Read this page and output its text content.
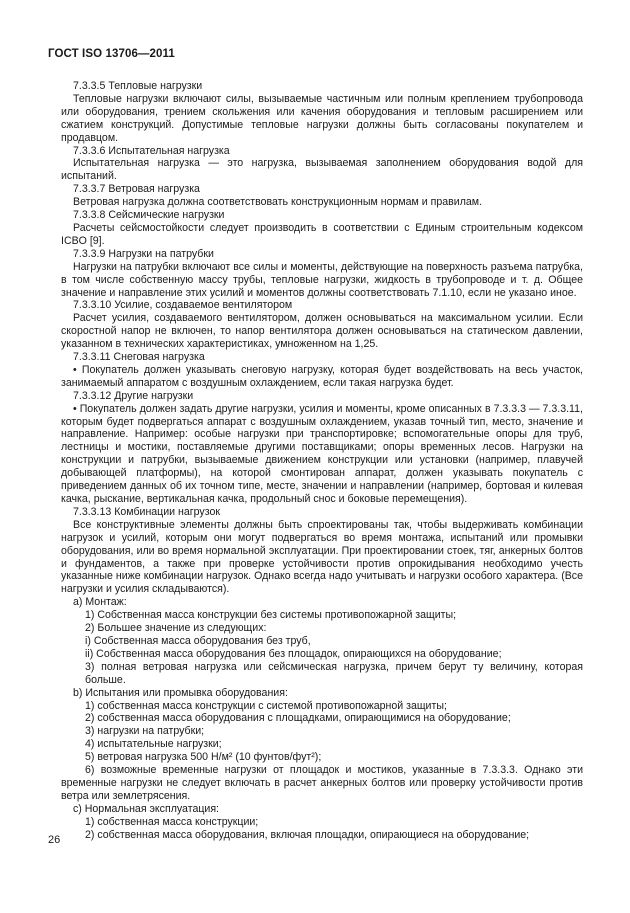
ГОСТ ISO 13706—2011

7.3.3.5 Тепловые нагрузки

Тепловые нагрузки включают силы, вызываемые частичным или полным креплением трубопровода или оборудования, трением скольжения или качения оборудования и тепловым расширением или сжатием конструкций. Допустимые тепловые нагрузки должны быть согласованы покупателем и продавцом.

7.3.3.6 Испытательная нагрузка

Испытательная нагрузка — это нагрузка, вызываемая заполнением оборудования водой для испытаний.

7.3.3.7 Ветровая нагрузка

Ветровая нагрузка должна соответствовать конструкционным нормам и правилам.

7.3.3.8 Сейсмические нагрузки

Расчеты сейсмостойкости следует производить в соответствии с Единым строительным кодексом ICBO [9].

7.3.3.9 Нагрузки на патрубки

Нагрузки на патрубки включают все силы и моменты, действующие на поверхность разъема патрубка, в том числе собственную массу трубы, тепловые нагрузки, жидкость в трубопроводе и т. д. Общее значение и направление этих усилий и моментов должны соответствовать 7.1.10, если не указано иное.

7.3.3.10 Усилие, создаваемое вентилятором

Расчет усилия, создаваемого вентилятором, должен основываться на максимальном усилии. Если скоростной напор не включен, то напор вентилятора должен основываться на статическом давлении, указанном в технических характеристиках, умноженном на 1,25.

7.3.3.11 Снеговая нагрузка

• Покупатель должен указывать снеговую нагрузку, которая будет воздействовать на весь участок, занимаемый аппаратом с воздушным охлаждением, если такая нагрузка будет.

7.3.3.12 Другие нагрузки

• Покупатель должен задать другие нагрузки, усилия и моменты, кроме описанных в 7.3.3.3 — 7.3.3.11, которым будет подвергаться аппарат с воздушным охлаждением, указав точный тип, место, значение и направление. Например: особые нагрузки при транспортировке; вспомогательные опоры для труб, лестницы и мостики, поставляемые другими поставщиками; опоры временных лесов. Нагрузки на конструкции и патрубки, вызываемые движением конструкции или установки (например, плавучей добывающей платформы), на которой смонтирован аппарат, должен указывать покупатель с приведением данных об их точном типе, месте, значении и направлении (например, бортовая и килевая качка, рыскание, вертикальная качка, продольный снос и боковые перемещения).

7.3.3.13 Комбинации нагрузок

Все конструктивные элементы должны быть спроектированы так, чтобы выдерживать комбинации нагрузок и усилий, которым они могут подвергаться во время монтажа, испытаний или промывки оборудования, или во время нормальной эксплуатации. При проектировании стоек, тяг, анкерных болтов и фундаментов, а также при проверке устойчивости против опрокидывания необходимо учесть указанные ниже комбинации нагрузок. Однако всегда надо учитывать и нагрузки особого характера. (Все нагрузки и усилия складываются).

a) Монтаж:

1) Собственная масса конструкции без системы противопожарной защиты;

2) Большее значение из следующих:

i) Собственная масса оборудования без труб,

ii) Собственная масса оборудования без площадок, опирающихся на оборудование;

3) полная ветровая нагрузка или сейсмическая нагрузка, причем берут ту величину, которая больше.

b) Испытания или промывка оборудования:

1) собственная масса конструкции с системой противопожарной защиты;

2) собственная масса оборудования с площадками, опирающимися на оборудование;

3) нагрузки на патрубки;

4) испытательные нагрузки;

5) ветровая нагрузка 500 Н/м² (10 фунтов/фут²);

6) возможные временные нагрузки от площадок и мостиков, указанные в 7.3.3.3. Однако эти временные нагрузки не следует включать в расчет анкерных болтов или проверку устойчивости против ветра или землетрясения.

c) Нормальная эксплуатация:

1) собственная масса конструкции;

2) собственная масса оборудования, включая площадки, опирающиеся на оборудование;

26
